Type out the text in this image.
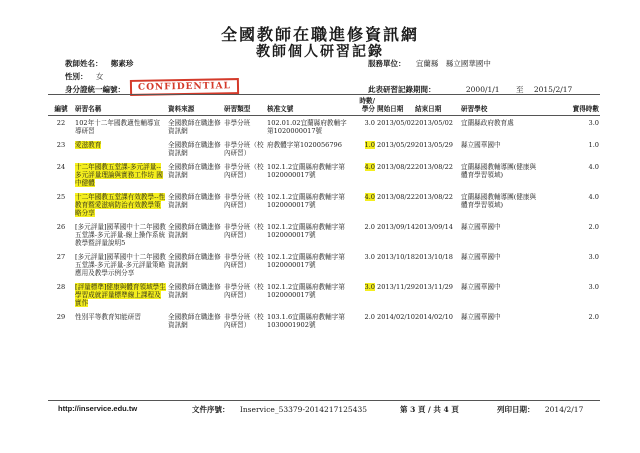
全國教師在職進修資訊網
教師個人研習記錄
教師姓名： 鄭素珍
性別： 女
身分證統一編號：	CONFIDENTIAL
服務單位： 宜蘭縣　縣立國華國中
此表研習記錄期間：	2000/1/1 至 2015/2/17
編號	研習名稱	資料來源	研習類型	核准文號	時數/學分	開始日期	結束日期	研習學校	實得時數
22	102年十二年國教適性輔導宣導研習	全國教師在職進修資訊網	非學分班	102.01.02宜蘭縣府教輔字第1020000017號	3.0	2013/05/02	2013/05/02	宜蘭縣政府教育處	3.0
23	愛滋教育	全國教師在職進修資訊網	非學分班（校內研習）	府教體字第1020056796	1.0	2013/05/29	2013/05/29	縣立國華國中	1.0
24	十二年國教五堂課-多元評量--多元評量理論與實務工作坊 國中健體	全國教師在職進修資訊網	非學分班（校內研習）	102.1.2宜蘭縣府教輔字第1020000017號	4.0	2013/08/22	2013/08/22	宜蘭縣國教輔導團(健康與體育學習領域)	4.0
25	十二年國教五堂課有效教學--性教育暨愛滋病防治有效教學策略分享	全國教師在職進修資訊網	非學分班（校內研習）	102.1.2宜蘭縣府教輔字第1020000017號	4.0	2013/08/22	2013/08/22	宜蘭縣國教輔導團(健康與體育學習領域)	4.0
26	[多元評量]國華國中十二年國教五堂課-多元評量-線上操作系統教學暨評量說明5	全國教師在職進修資訊網	非學分班（校內研習）	102.1.2宜蘭縣府教輔字第1020000017號	2.0	2013/09/14	2013/09/14	縣立國華國中	2.0
27	[多元評量]國華國中十二年國教五堂課-多元評量-多元評量策略應用及教學示例分享	全國教師在職進修資訊網	非學分班（校內研習）	102.1.2宜蘭縣府教輔字第1020000017號	3.0	2013/10/18	2013/10/18	縣立國華國中	3.0
28	[評量標準]健康與體育領域學生學習成就評量標準線上課程及實作	全國教師在職進修資訊網	非學分班（校內研習）	102.1.2宜蘭縣府教輔字第1020000017號	3.0	2013/11/29	2013/11/29	縣立國華國中	3.0
29	性別平等教育知能研習	全國教師在職進修資訊網	非學分班（校內研習）	103.1.6宜蘭縣府教輔字第1030001902號	2.0	2014/02/10	2014/02/10	縣立國華國中	2.0
http://inservice.edu.tw	文件序號： Inservice_53379-2014217125435	第 3 頁 / 共 4 頁	列印日期： 2014/2/17
